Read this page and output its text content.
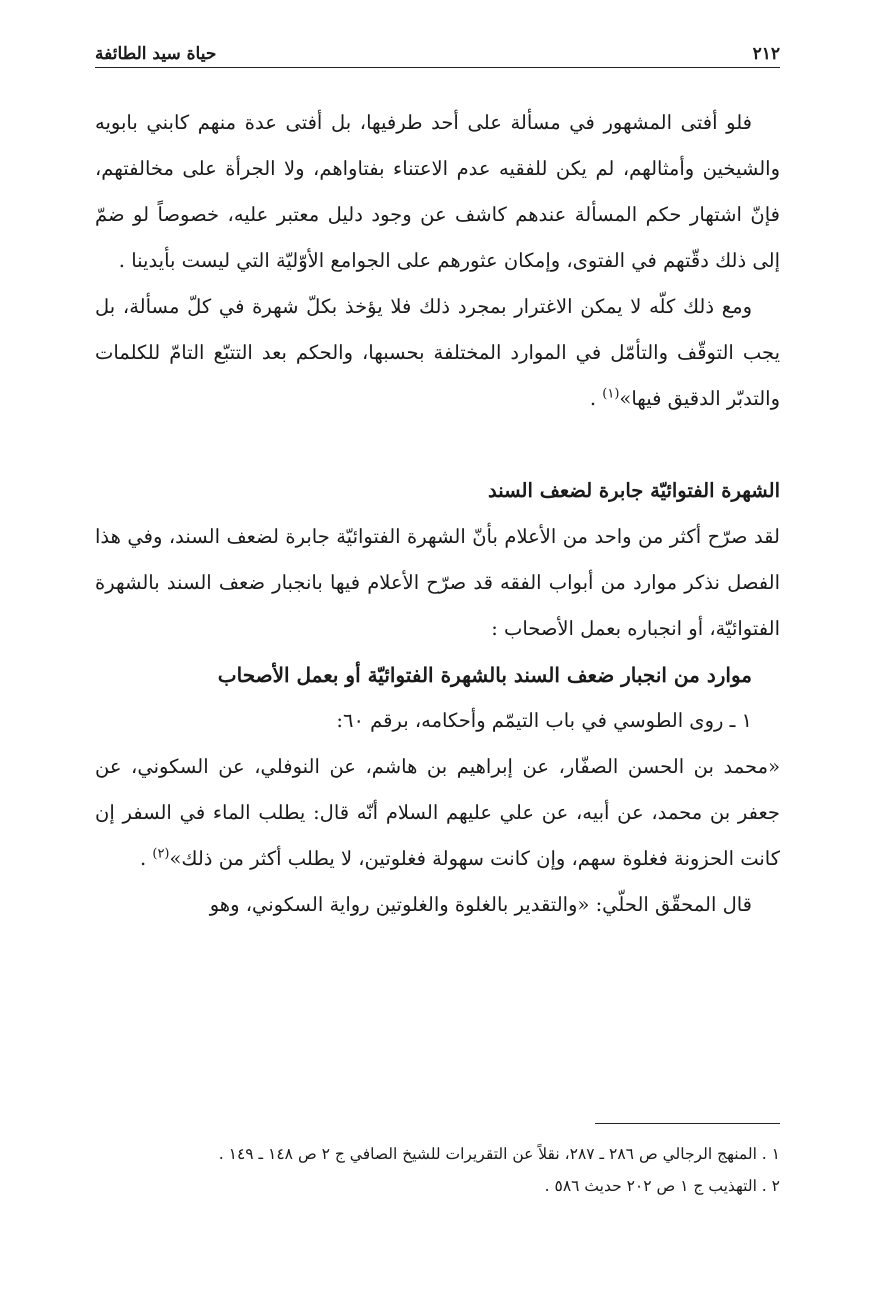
٢١٢
حياة سيد الطائفة

فلو أفتى المشهور في مسألة على أحد طرفيها، بل أفتى عدة منهم كابني بابويه والشيخين وأمثالهم، لم يكن للفقيه عدم الاعتناء بفتاواهم، ولا الجرأة على مخالفتهم، فإنّ اشتهار حكم المسألة عندهم كاشف عن وجود دليل معتبر عليه، خصوصاً لو ضمّ إلى ذلك دقّتهم في الفتوى، وإمكان عثورهم على الجوامع الأوّليّة التي ليست بأيدينا .

ومع ذلك كلّه لا يمكن الاغترار بمجرد ذلك فلا يؤخذ بكلّ شهرة في كلّ مسألة، بل يجب التوقّف والتأمّل في الموارد المختلفة بحسبها، والحكم بعد التتبّع التامّ للكلمات والتدبّر الدقيق فيها»$^{(١)}$ .

الشهرة الفتوائيّة جابرة لضعف السند

لقد صرّح أكثر من واحد من الأعلام بأنّ الشهرة الفتوائيّة جابرة لضعف السند، وفي هذا الفصل نذكر موارد من أبواب الفقه قد صرّح الأعلام فيها بانجبار ضعف السند بالشهرة الفتوائيّة، أو انجباره بعمل الأصحاب :

موارد من انجبار ضعف السند بالشهرة الفتوائيّة أو بعمل الأصحاب

١ ـ روى الطوسي في باب التيمّم وأحكامه، برقم ٦٠:

«محمد بن الحسن الصفّار، عن إبراهيم بن هاشم، عن النوفلي، عن السكوني، عن جعفر بن محمد، عن أبيه، عن علي عليهم السلام أنّه قال: يطلب الماء في السفر إن كانت الحزونة فغلوة سهم، وإن كانت سهولة فغلوتين، لا يطلب أكثر من ذلك»$^{(٢)}$ .

قال المحقّق الحلّي: «والتقدير بالغلوة والغلوتين رواية السكوني، وهو

١ . المنهج الرجالي ص ٢٨٦ ـ ٢٨٧، نقلاً عن التقريرات للشيخ الصافي ج ٢ ص ١٤٨ ـ ١٤٩ .
٢ . التهذيب ج ١ ص ٢٠٢ حديث ٥٨٦ .
